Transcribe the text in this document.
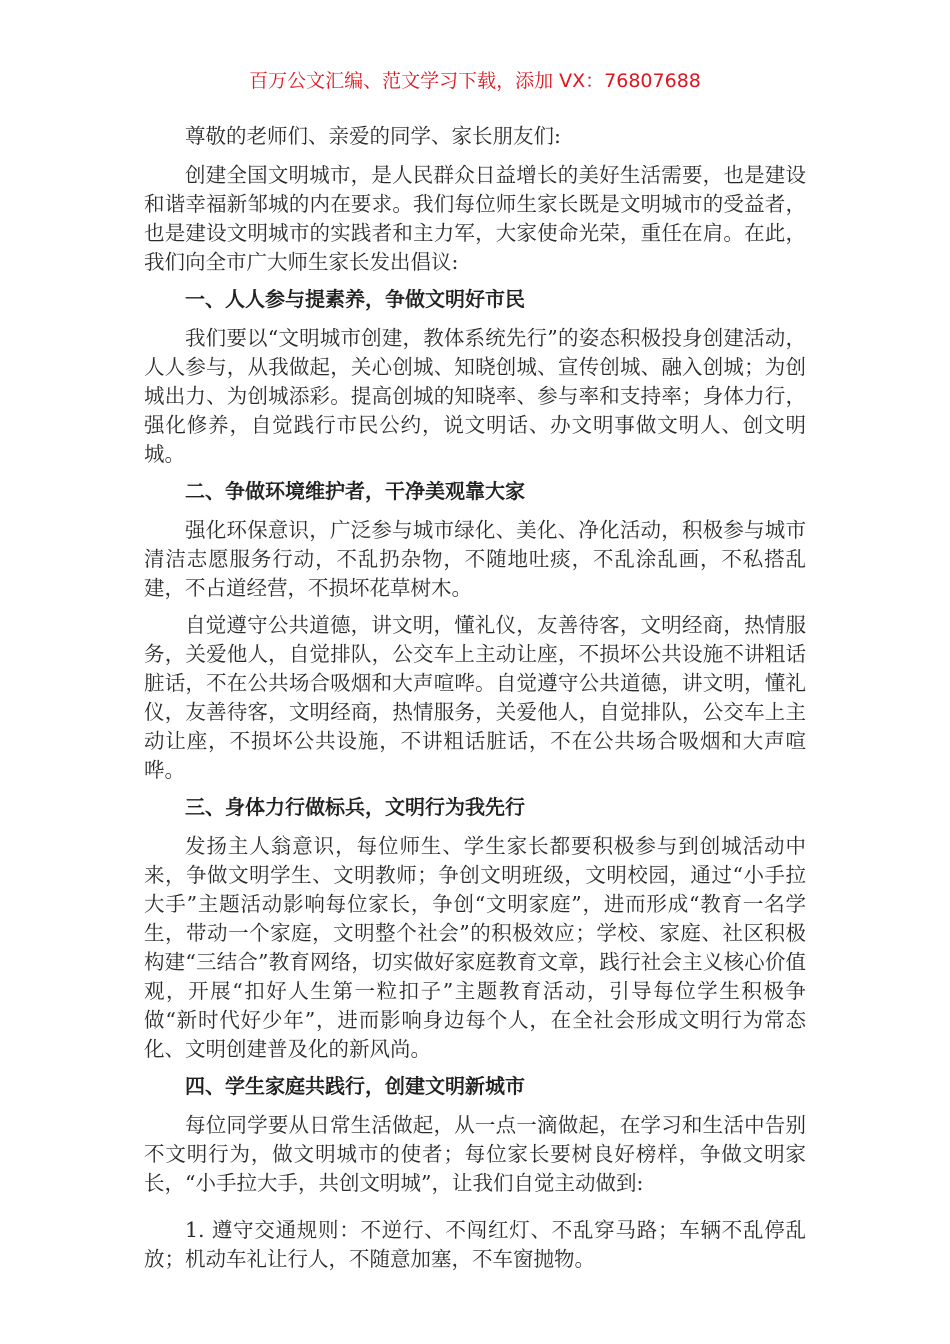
百万公文汇编、范文学习下载，添加 VX：76807688

尊敬的老师们、亲爱的同学、家长朋友们:

创建全国文明城市，是人民群众日益增长的美好生活需要，也是建设和谐幸福新邹城的内在要求。我们每位师生家长既是文明城市的受益者，也是建设文明城市的实践者和主力军，大家使命光荣，重任在肩。在此，我们向全市广大师生家长发出倡议:

一、人人参与提素养，争做文明好市民

我们要以“文明城市创建，教体系统先行”的姿态积极投身创建活动，人人参与，从我做起，关心创城、知晓创城、宣传创城、融入创城；为创城出力、为创城添彩。提高创城的知晓率、参与率和支持率；身体力行，强化修养，自觉践行市民公约，说文明话、办文明事做文明人、创文明城。

二、争做环境维护者，干净美观靠大家

强化环保意识，广泛参与城市绿化、美化、净化活动，积极参与城市清洁志愿服务行动，不乱扔杂物，不随地吐痰，不乱涂乱画，不私搭乱建，不占道经营，不损坏花草树木。

自觉遵守公共道德，讲文明，懂礼仪，友善待客，文明经商，热情服务，关爱他人，自觉排队，公交车上主动让座，不损坏公共设施不讲粗话脏话，不在公共场合吸烟和大声喧哗。自觉遵守公共道德，讲文明，懂礼仪，友善待客，文明经商，热情服务，关爱他人，自觉排队，公交车上主动让座，不损坏公共设施，不讲粗话脏话，不在公共场合吸烟和大声喧哗。

三、身体力行做标兵，文明行为我先行

发扬主人翁意识，每位师生、学生家长都要积极参与到创城活动中来，争做文明学生、文明教师；争创文明班级，文明校园，通过“小手拉大手”主题活动影响每位家长，争创“文明家庭”，进而形成“教育一名学生，带动一个家庭，文明整个社会”的积极效应；学校、家庭、社区积极构建“三结合”教育网络，切实做好家庭教育文章，践行社会主义核心价值观，开展“扣好人生第一粒扣子”主题教育活动，引导每位学生积极争做“新时代好少年”，进而影响身边每个人，在全社会形成文明行为常态化、文明创建普及化的新风尚。

四、学生家庭共践行，创建文明新城市

每位同学要从日常生活做起，从一点一滴做起，在学习和生活中告别不文明行为，做文明城市的使者；每位家长要树良好榜样，争做文明家长，“小手拉大手，共创文明城”，让我们自觉主动做到:

1. 遵守交通规则：不逆行、不闯红灯、不乱穿马路；车辆不乱停乱放；机动车礼让行人，不随意加塞，不车窗抛物。
